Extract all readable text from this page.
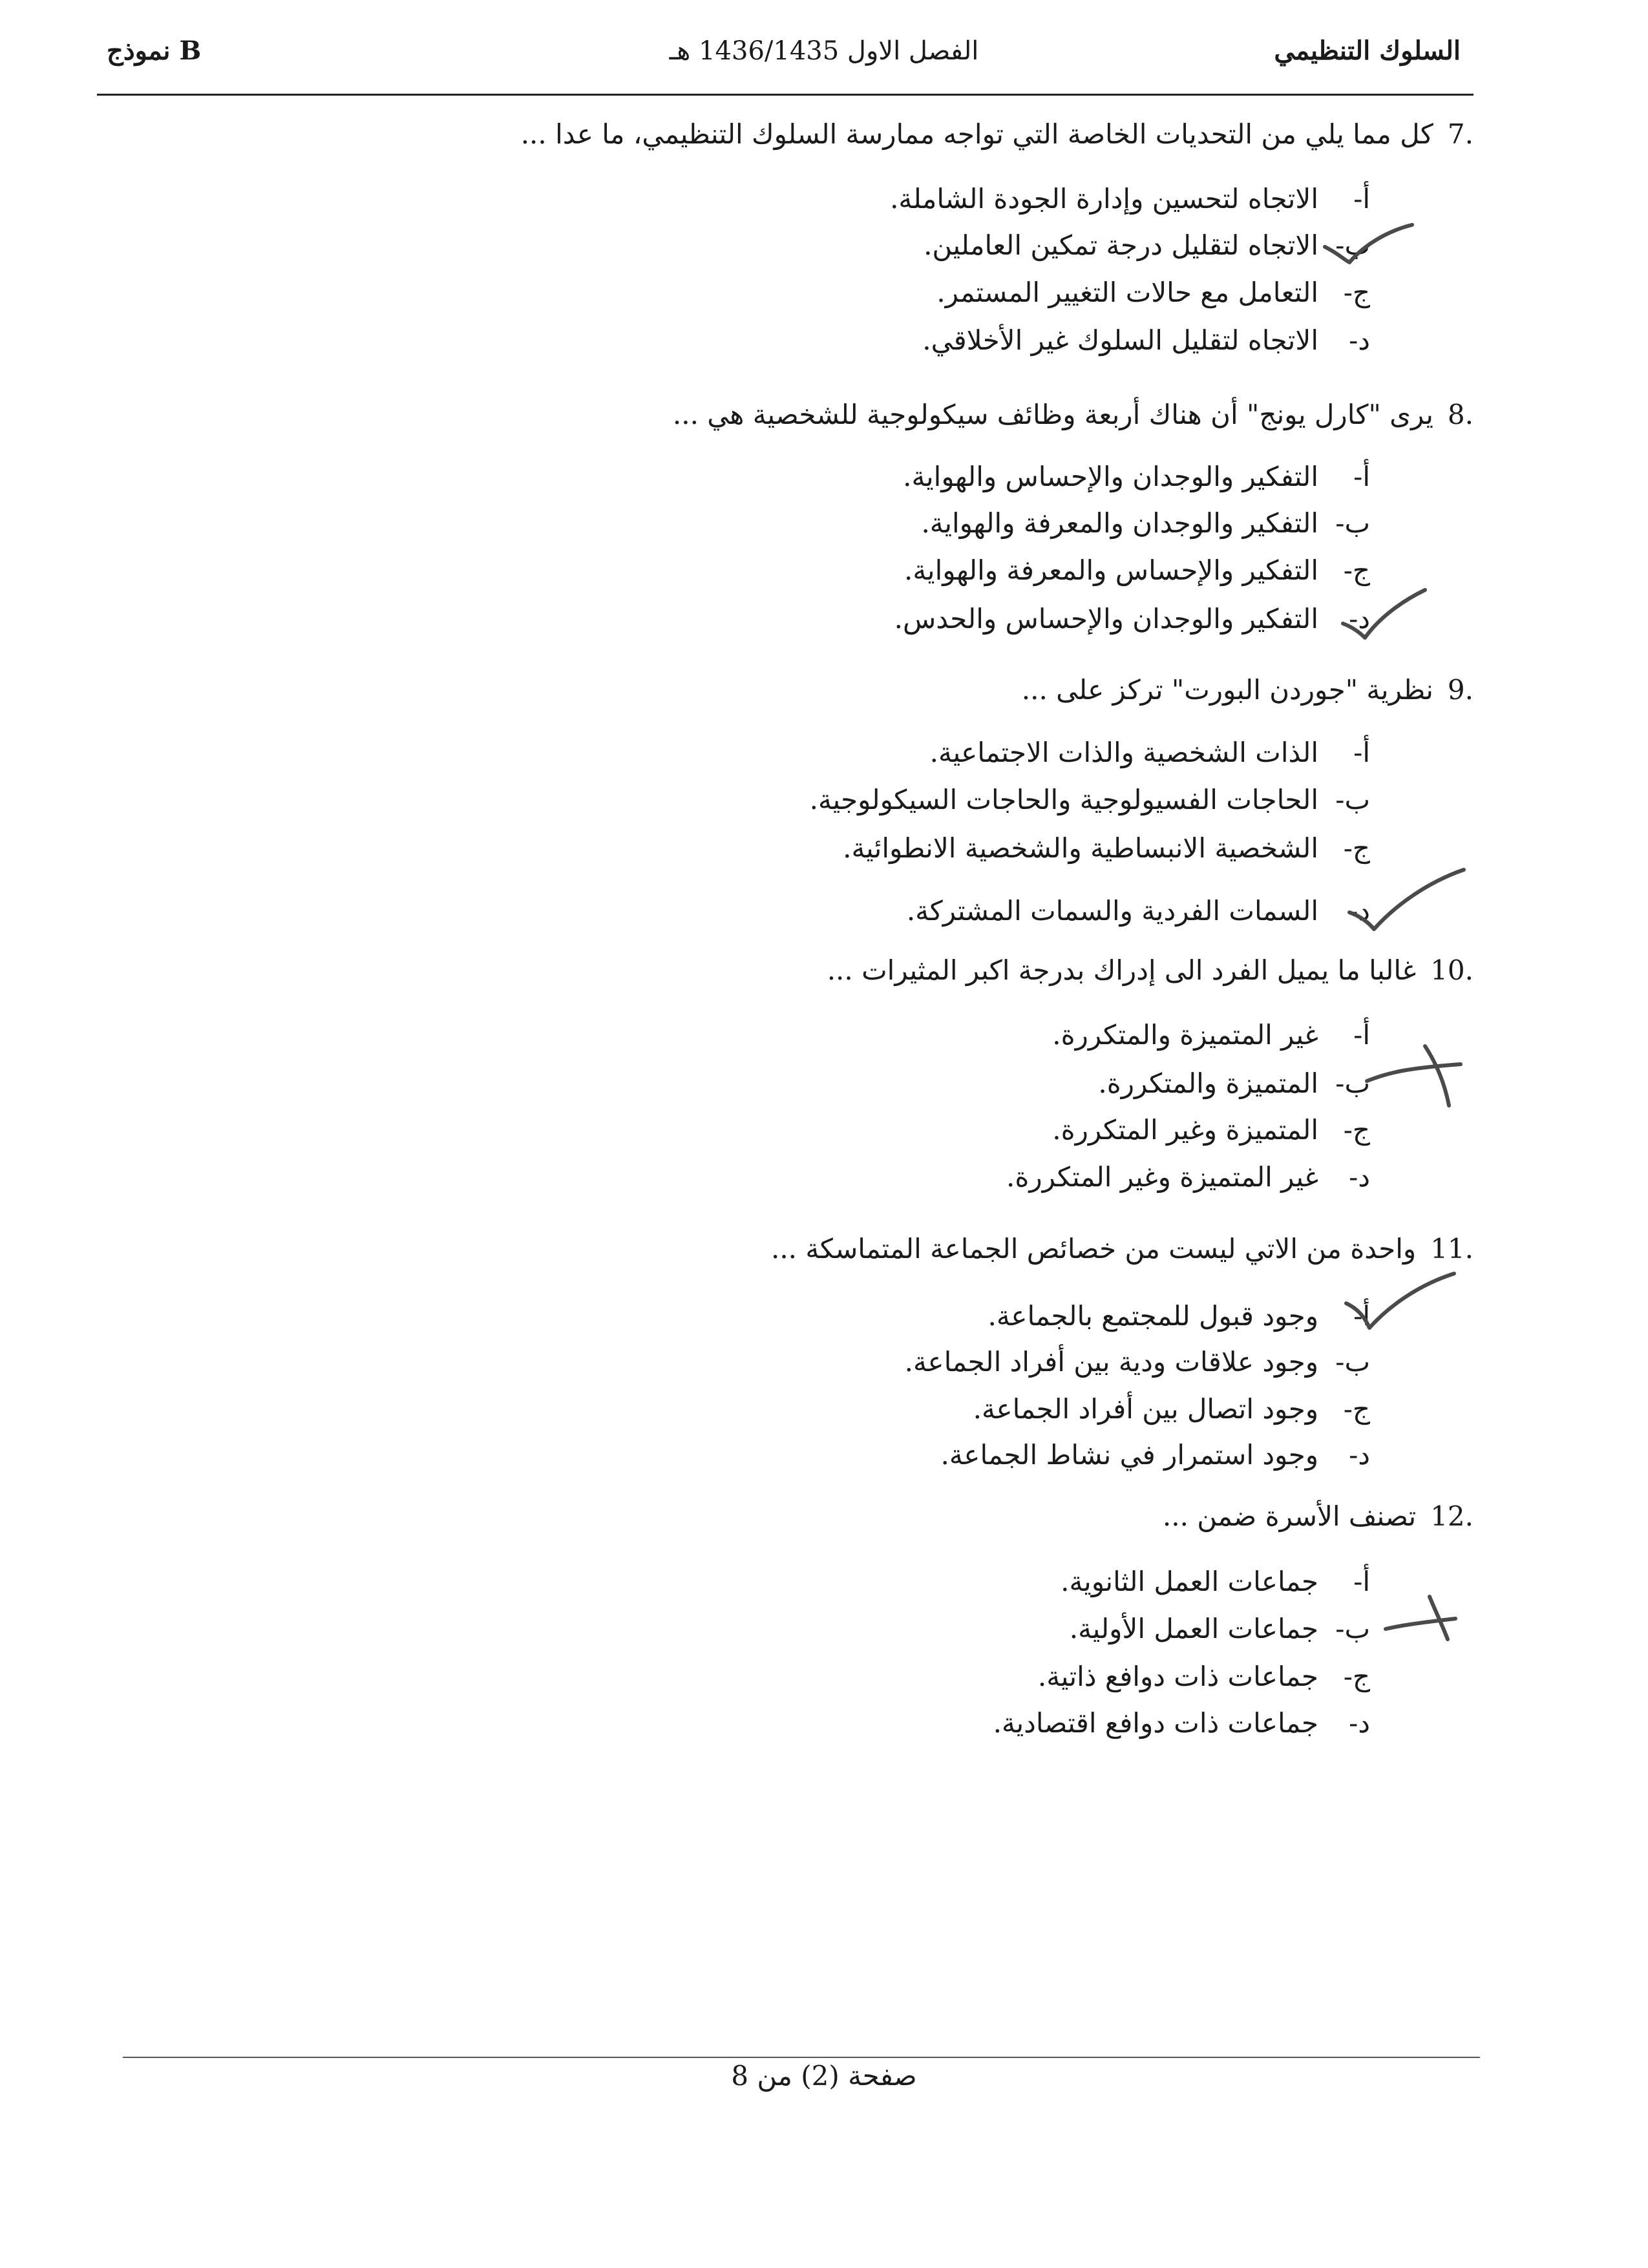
السلوك التنظيمي
الفصل الاول 1436/1435 هـ
نموذج B
.7كل مما يلي من التحديات الخاصة التي تواجه ممارسة السلوك التنظيمي، ما عدا ...
أ-الاتجاه لتحسين وإدارة الجودة الشاملة.
ب-الاتجاه لتقليل درجة تمكين العاملين.
ج-التعامل مع حالات التغيير المستمر.
د-الاتجاه لتقليل السلوك غير الأخلاقي.
.8يرى "كارل يونج" أن هناك أربعة وظائف سيكولوجية للشخصية هي ...
أ-التفكير والوجدان والإحساس والهواية.
ب-التفكير والوجدان والمعرفة والهواية.
ج-التفكير والإحساس والمعرفة والهواية.
د-التفكير والوجدان والإحساس والحدس.
.9نظرية "جوردن البورت" تركز على ...
أ-الذات الشخصية والذات الاجتماعية.
ب-الحاجات الفسيولوجية والحاجات السيكولوجية.
ج-الشخصية الانبساطية والشخصية الانطوائية.
د-السمات الفردية والسمات المشتركة.
.10غالبا ما يميل الفرد الى إدراك بدرجة اكبر المثيرات ...
أ-غير المتميزة والمتكررة.
ب-المتميزة والمتكررة.
ج-المتميزة وغير المتكررة.
د-غير المتميزة وغير المتكررة.
.11واحدة من الاتي ليست من خصائص الجماعة المتماسكة ...
أ-وجود قبول للمجتمع بالجماعة.
ب-وجود علاقات ودية بين أفراد الجماعة.
ج-وجود اتصال بين أفراد الجماعة.
د-وجود استمرار في نشاط الجماعة.
.12تصنف الأسرة ضمن ...
أ-جماعات العمل الثانوية.
ب-جماعات العمل الأولية.
ج-جماعات ذات دوافع ذاتية.
د-جماعات ذات دوافع اقتصادية.
صفحة (2) من 8
